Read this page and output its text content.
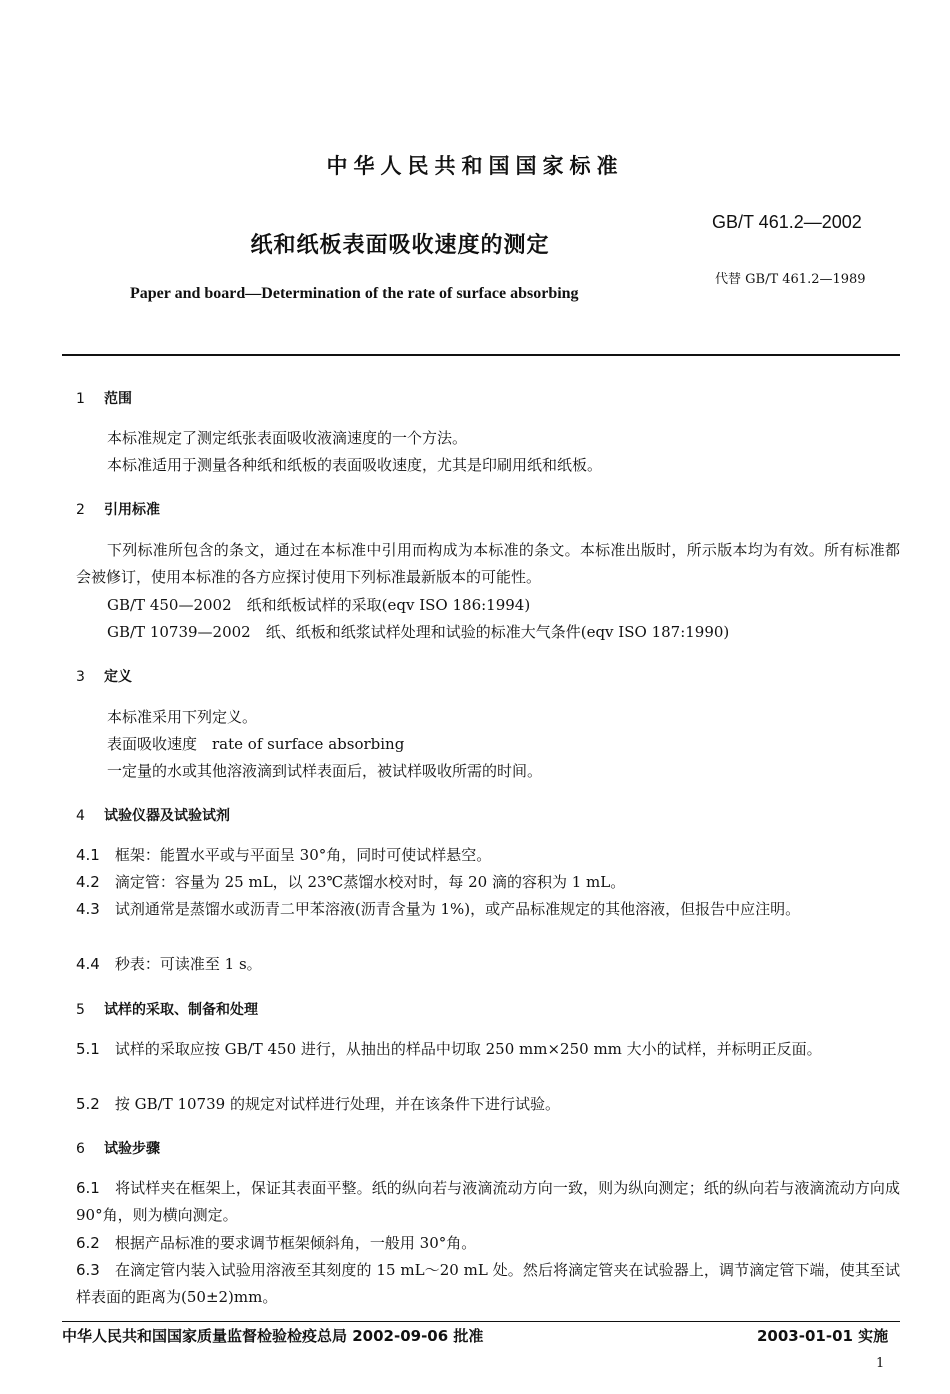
中华人民共和国国家标准
GB/T 461.2—2002
纸和纸板表面吸收速度的测定
代替 GB/T 461.2—1989
Paper and board—Determination of the rate of surface absorbing
1 范围
本标准规定了测定纸张表面吸收液滴速度的一个方法。
本标准适用于测量各种纸和纸板的表面吸收速度，尤其是印刷用纸和纸板。
2 引用标准
下列标准所包含的条文，通过在本标准中引用而构成为本标准的条文。本标准出版时，所示版本均为有效。所有标准都会被修订，使用本标准的各方应探讨使用下列标准最新版本的可能性。
GB/T 450—2002　纸和纸板试样的采取(eqv ISO 186:1994)
GB/T 10739—2002　纸、纸板和纸浆试样处理和试验的标准大气条件(eqv ISO 187:1990)
3 定义
本标准采用下列定义。
表面吸收速度　rate of surface absorbing
一定量的水或其他溶液滴到试样表面后，被试样吸收所需的时间。
4 试验仪器及试验试剂
4.1　 框架：能置水平或与平面呈 30°角，同时可使试样悬空。
4.2　 滴定管：容量为 25 mL，以 23℃蒸馏水校对时，每 20 滴的容积为 1 mL。
4.3　 试剂通常是蒸馏水或沥青二甲苯溶液(沥青含量为 1%)，或产品标准规定的其他溶液，但报告中应注明。
4.4　 秒表：可读准至 1 s。
5 试样的采取、制备和处理
5.1　 试样的采取应按 GB/T 450 进行，从抽出的样品中切取 250 mm×250 mm 大小的试样，并标明正反面。
5.2　 按 GB/T 10739 的规定对试样进行处理，并在该条件下进行试验。
6 试验步骤
6.1　 将试样夹在框架上，保证其表面平整。纸的纵向若与液滴流动方向一致，则为纵向测定；纸的纵向若与液滴流动方向成 90°角，则为横向测定。
6.2　 根据产品标准的要求调节框架倾斜角，一般用 30°角。
6.3　 在滴定管内装入试验用溶液至其刻度的 15 mL～20 mL 处。然后将滴定管夹在试验器上，调节滴定管下端，使其至试样表面的距离为(50±2)mm。
中华人民共和国国家质量监督检验检疫总局 2002-09-06 批准	2003-01-01 实施
1
